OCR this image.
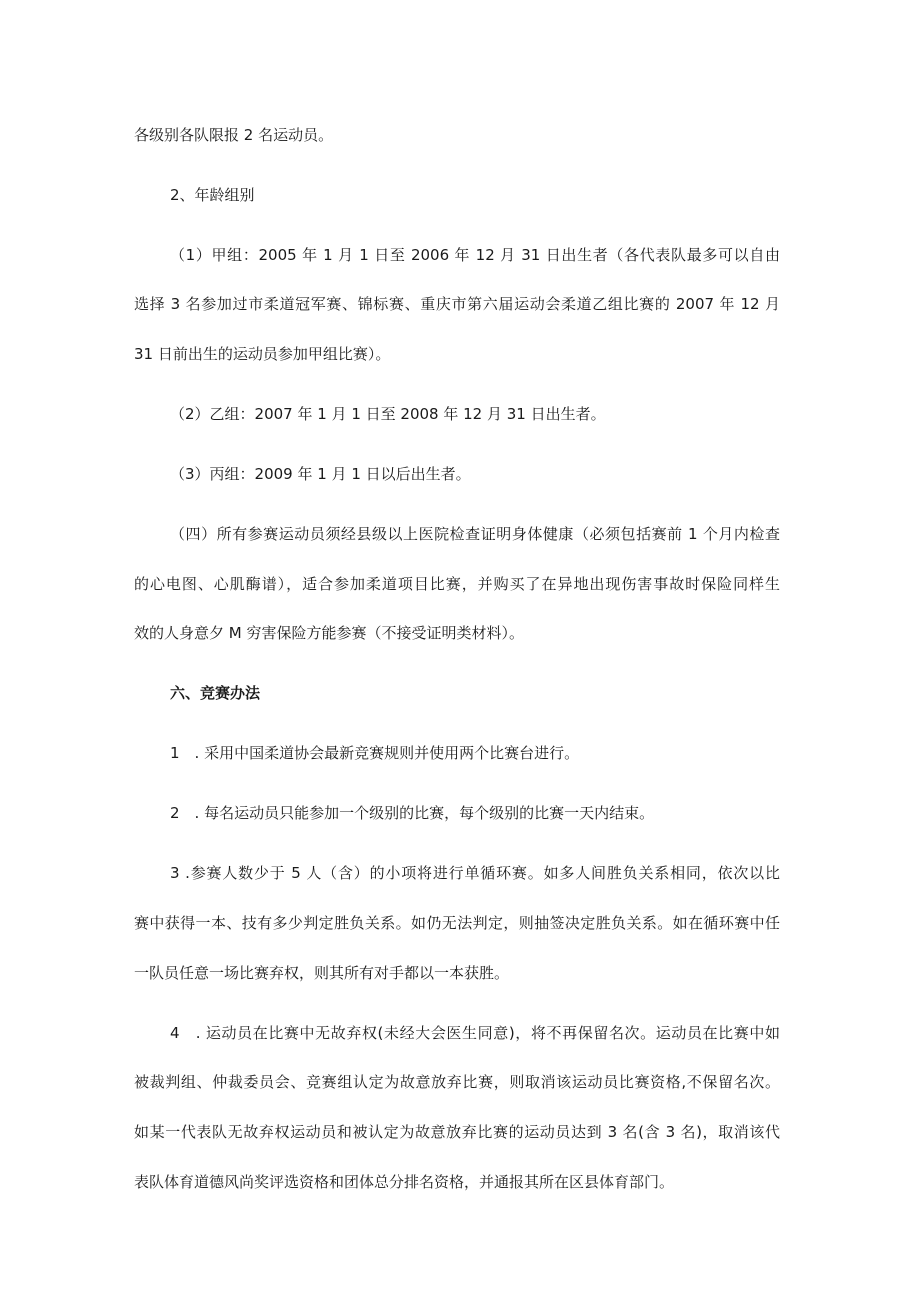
各级别各队限报 2 名运动员。
2、年龄组别
（1）甲组：2005 年 1 月 1 日至 2006 年 12 月 31 日出生者（各代表队最多可以自由
选择 3 名参加过市柔道冠军赛、锦标赛、重庆市第六届运动会柔道乙组比赛的 2007 年 12 月
31 日前出生的运动员参加甲组比赛）。
（2）乙组：2007 年 1 月 1 日至 2008 年 12 月 31 日出生者。
（3）丙组：2009 年 1 月 1 日以后出生者。
（四）所有参赛运动员须经县级以上医院检查证明身体健康（必须包括赛前 1 个月内检查
的心电图、心肌酶谱），适合参加柔道项目比赛，并购买了在异地出现伤害事故时保险同样生
效的人身意夕 M 穷害保险方能参赛（不接受证明类材料）。
六、竞赛办法
1　. 采用中国柔道协会最新竞赛规则并使用两个比赛台进行。
2　. 每名运动员只能参加一个级别的比赛，每个级别的比赛一天内结束。
3 .参赛人数少于 5 人（含）的小项将进行单循环赛。如多人间胜负关系相同，依次以比
赛中获得一本、技有多少判定胜负关系。如仍无法判定，则抽签决定胜负关系。如在循环赛中任
一队员任意一场比赛弃权，则其所有对手都以一本获胜。
4　. 运动员在比赛中无故弃权(未经大会医生同意)，将不再保留名次。运动员在比赛中如
被裁判组、仲裁委员会、竞赛组认定为故意放弃比赛，则取消该运动员比赛资格,不保留名次。
如某一代表队无故弃权运动员和被认定为故意放弃比赛的运动员达到 3 名(含 3 名)，取消该代
表队体育道德风尚奖评选资格和团体总分排名资格，并通报其所在区县体育部门。
